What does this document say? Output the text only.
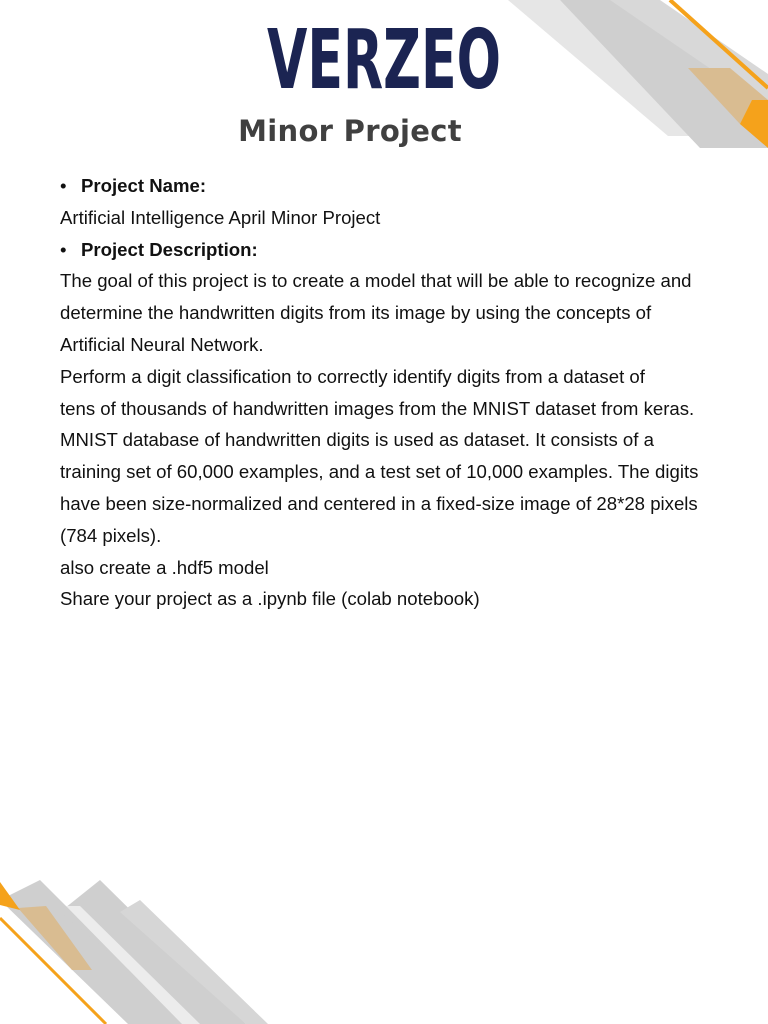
VERZEO
Minor Project
• Project Name:
Artificial Intelligence April Minor Project
• Project Description:
The goal of this project is to create a model that will be able to recognize and
determine the handwritten digits from its image by using the concepts of
Artificial Neural Network.
Perform a digit classification to correctly identify digits from a dataset of
tens of thousands of handwritten images from the MNIST dataset from keras.
MNIST database of handwritten digits is used as dataset. It consists of a
training set of 60,000 examples, and a test set of 10,000 examples. The digits
have been size-normalized and centered in a fixed-size image of 28*28 pixels
(784 pixels).
also create a .hdf5 model
Share your project as a .ipynb file (colab notebook)
